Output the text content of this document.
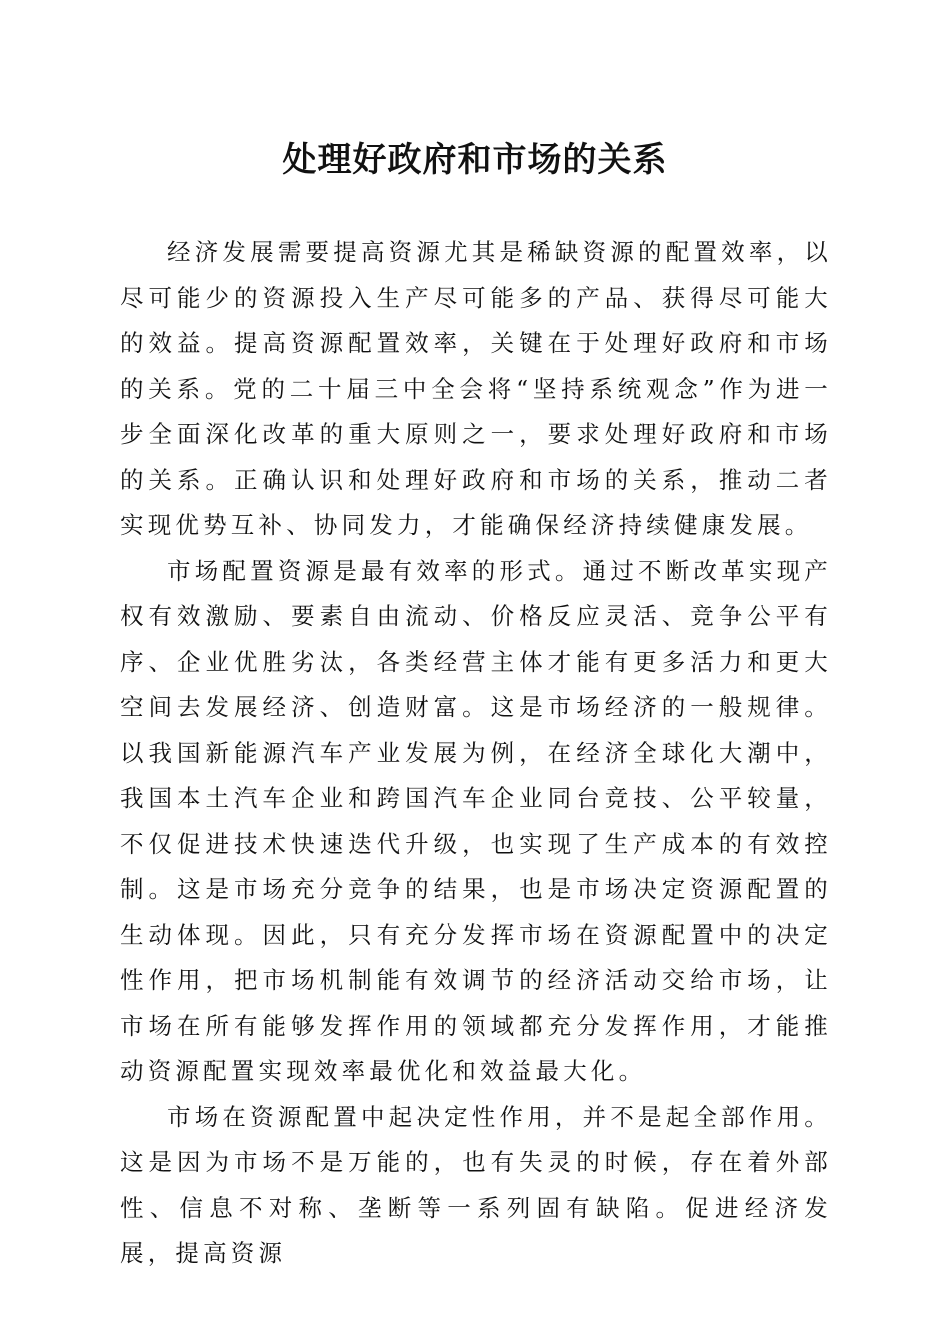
处理好政府和市场的关系

经济发展需要提高资源尤其是稀缺资源的配置效率，以尽可能少的资源投入生产尽可能多的产品、获得尽可能大的效益。提高资源配置效率，关键在于处理好政府和市场的关系。党的二十届三中全会将“坚持系统观念”作为进一步全面深化改革的重大原则之一，要求处理好政府和市场的关系。正确认识和处理好政府和市场的关系，推动二者实现优势互补、协同发力，才能确保经济持续健康发展。

市场配置资源是最有效率的形式。通过不断改革实现产权有效激励、要素自由流动、价格反应灵活、竞争公平有序、企业优胜劣汰，各类经营主体才能有更多活力和更大空间去发展经济、创造财富。这是市场经济的一般规律。以我国新能源汽车产业发展为例，在经济全球化大潮中，我国本土汽车企业和跨国汽车企业同台竞技、公平较量，不仅促进技术快速迭代升级，也实现了生产成本的有效控制。这是市场充分竞争的结果，也是市场决定资源配置的生动体现。因此，只有充分发挥市场在资源配置中的决定性作用，把市场机制能有效调节的经济活动交给市场，让市场在所有能够发挥作用的领域都充分发挥作用，才能推动资源配置实现效率最优化和效益最大化。

市场在资源配置中起决定性作用，并不是起全部作用。这是因为市场不是万能的，也有失灵的时候，存在着外部性、信息不对称、垄断等一系列固有缺陷。促进经济发展，提高资源
